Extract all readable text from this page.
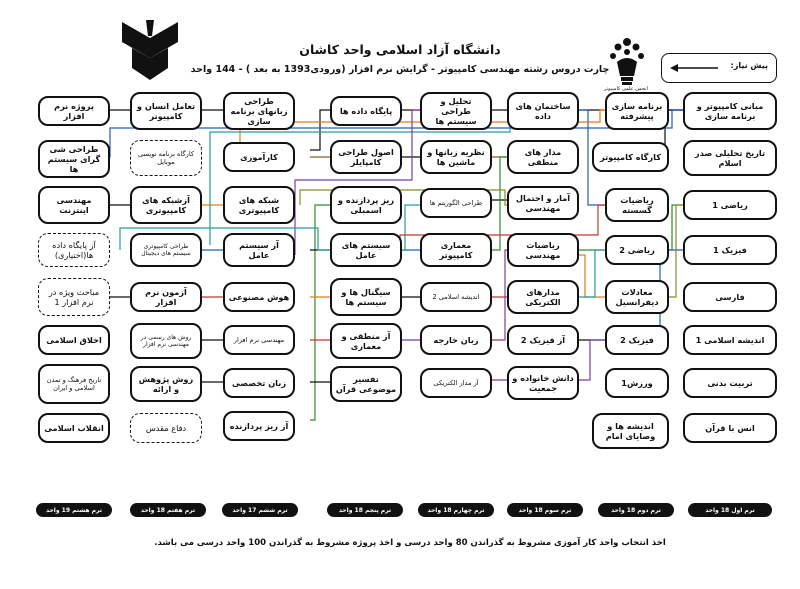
انجمن علمی کامپیوتر
دانشگاه آزاد اسلامی واحد کاشان
چارت دروس رشته مهندسی کامپیوتر - گرایش نرم افزار (ورودی1393 به بعد ) - 144 واحد	پیش نیاز:
مبانی کامپیوتر و برنامه سازی
تاریخ تحلیلی صدر اسلام
ریاضی 1
فیزیک 1
فارسی
اندیشه اسلامی 1
تربیت بدنی
انس با قرآن
برنامه سازی پیشرفته
کارگاه کامپیوتر
ریاضیات گسسته
ریاضی 2
معادلات دیفرانسیل
فیزیک 2
ورزش1
اندیشه ها و وصایای امام
ساختمان های داده
مدار های منطقی
آمار و احتمال مهندسی
ریاضیات مهندسی
مدارهای الکتریکی
آز فیزیک 2
دانش خانواده و جمعیت
تحلیل و طراحی سیستم ها
نظریه زبانها و ماشین ها
طراحی الگوریتم ها
معماری کامپیوتر
اندیشه اسلامی 2
زبان خارجه
آز مدار الکتریکی
پایگاه داده ها
اصول طراحی کامپایلر
ریز پردازنده و اسمبلی
سیستم های عامل
سیگنال ها و سیستم ها
آز منطقی و معماری
تفسیر موضوعی قرآن
طراحی زبانهای برنامه سازی
کارآموزی
شبکه های کامپیوتری
آز سیستم عامل
هوش مصنوعی
مهندسی نرم افزار
زبان تخصصی
آز ریز پردازنده
تعامل انسان و کامپیوتر
کارگاه برنامه نویسی موبایل
آزشبکه های کامپیوتری
طراحی کامپیوتری سیستم های دیجیتال
آزمون نرم افزار
روش های رسمی در مهندسی نرم افزار
روش پژوهش و ارائه
دفاع مقدس
پروژه نرم افزار
طراحی شی گرای سیستم ها
مهندسی اینترنت
آز پایگاه داده ها(اختیاری)
مباحث ویژه در نرم افزار 1
اخلاق اسلامی
تاریخ فرهنگ و تمدن اسلامی و ایران
انقلاب اسلامی
ترم اول 18 واحد
ترم دوم 18 واحد
ترم سوم 18 واحد
ترم چهارم 18 واحد
ترم پنجم 18 واحد
ترم ششم 17 واحد
ترم هفتم 18 واحد
ترم هشتم 19 واحد
اخذ انتخاب واحد کار آموزی مشروط به گذراندن 80 واحد درسی و اخذ پروژه مشروط به گذراندن 100 واحد درسی می باشد.
